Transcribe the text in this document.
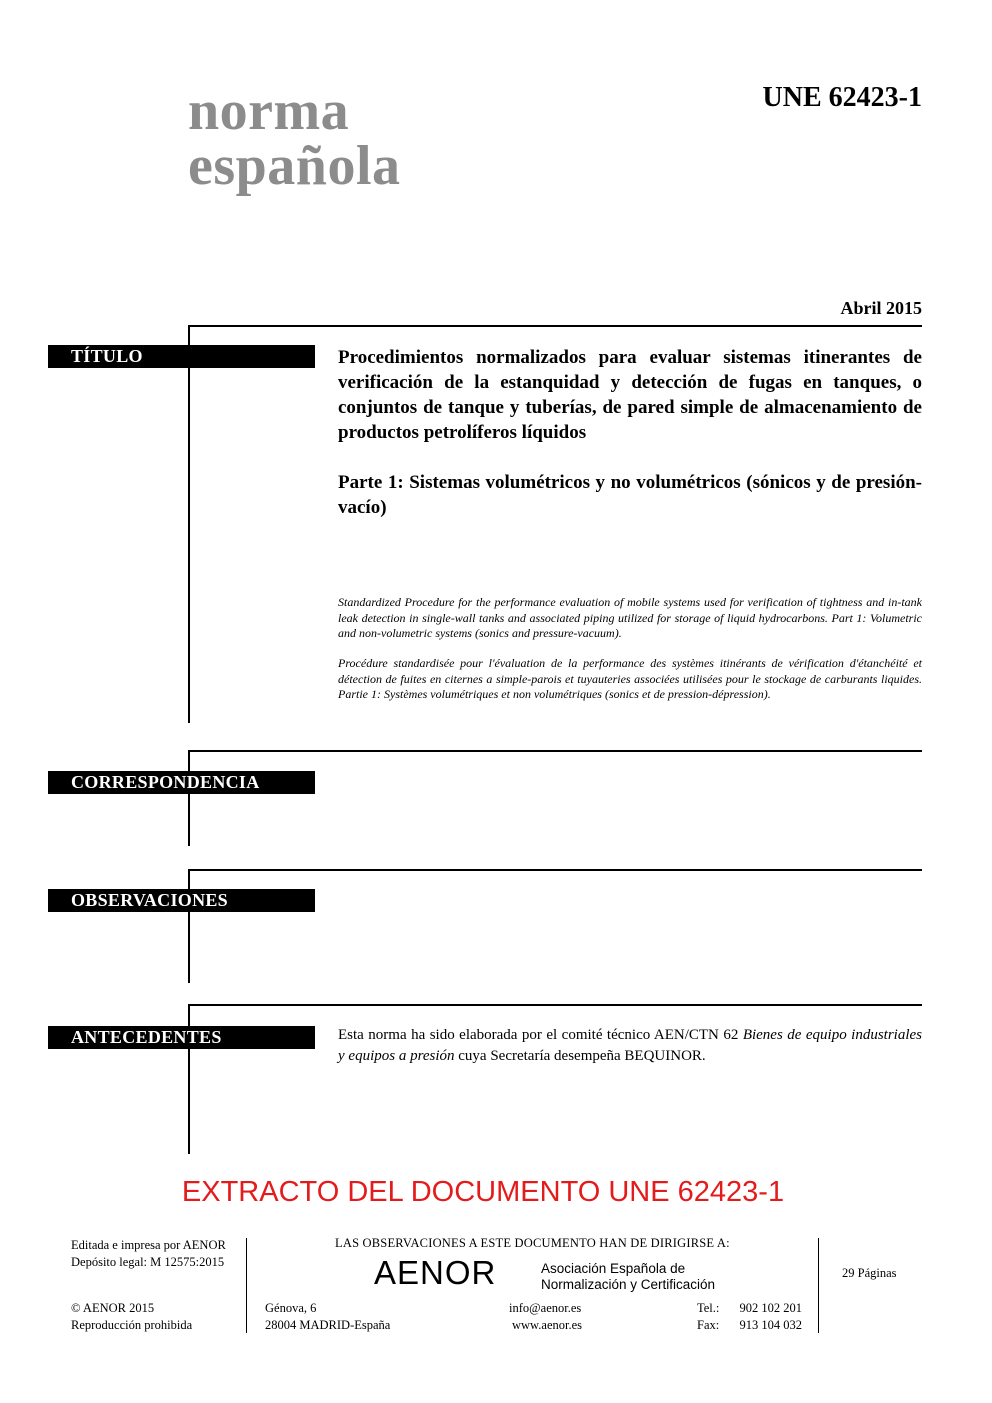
norma
española
UNE 62423-1
Abril 2015
TÍTULO
CORRESPONDENCIA
OBSERVACIONES
ANTECEDENTES
Procedimientos normalizados para evaluar sistemas itinerantes de verificación de la estanquidad y detección de fugas en tanques, o conjuntos de tanque y tuberías, de pared simple de almacenamiento de productos petrolíferos líquidos
Parte 1: Sistemas volumétricos y no volumétricos (sónicos y de presión-vacío)
Standardized Procedure for the performance evaluation of mobile systems used for verification of tightness and in-tank leak detection in single-wall tanks and associated piping utilized for storage of liquid hydrocarbons. Part 1: Volumetric and non-volumetric systems (sonics and pressure-vacuum).
Procédure standardisée pour l'évaluation de la performance des systèmes itinérants de vérification d'étanchéité et détection de fuites en citernes a simple-parois et tuyauteries associées utilisées pour le stockage de carburants liquides. Partie 1: Systèmes volumétriques et non volumétriques (sonics et de pression-dépression).
Esta norma ha sido elaborada por el comité técnico AEN/CTN 62 Bienes de equipo industriales y equipos a presión cuya Secretaría desempeña BEQUINOR.
EXTRACTO DEL DOCUMENTO UNE 62423-1
Editada e impresa por AENOR
Depósito legal: M 12575:2015
© AENOR 2015
Reproducción prohibida
LAS OBSERVACIONES A ESTE DOCUMENTO HAN DE DIRIGIRSE A:
AENOR	Asociación Española de
Normalización y Certificación
Génova, 6
28004 MADRID-España
info@aenor.es
www.aenor.es
Tel.:
Fax:
902 102 201
913 104 032
29 Páginas
